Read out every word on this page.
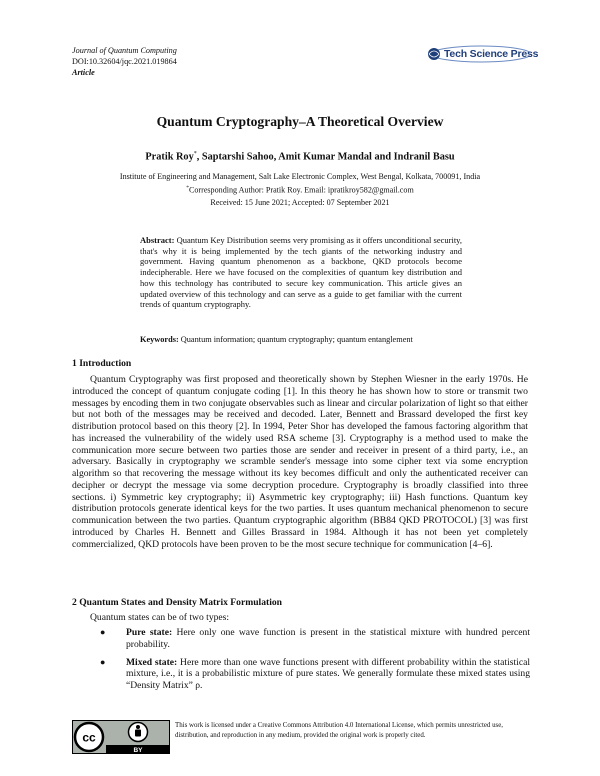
Journal of Quantum Computing
DOI:10.32604/jqc.2021.019864
Article
Tech Science Press
Quantum Cryptography–A Theoretical Overview
Pratik Roy*, Saptarshi Sahoo, Amit Kumar Mandal and Indranil Basu
Institute of Engineering and Management, Salt Lake Electronic Complex, West Bengal, Kolkata, 700091, India
*Corresponding Author: Pratik Roy. Email: ipratikroy582@gmail.com
Received: 15 June 2021; Accepted: 07 September 2021
Abstract: Quantum Key Distribution seems very promising as it offers unconditional security, that's why it is being implemented by the tech giants of the networking industry and government. Having quantum phenomenon as a backbone, QKD protocols become indecipherable. Here we have focused on the complexities of quantum key distribution and how this technology has contributed to secure key communication. This article gives an updated overview of this technology and can serve as a guide to get familiar with the current trends of quantum cryptography.
Keywords: Quantum information; quantum cryptography; quantum entanglement
1 Introduction

Quantum Cryptography was first proposed and theoretically shown by Stephen Wiesner in the early 1970s. He introduced the concept of quantum conjugate coding [1]. In this theory he has shown how to store or transmit two messages by encoding them in two conjugate observables such as linear and circular polarization of light so that either but not both of the messages may be received and decoded. Later, Bennett and Brassard developed the first key distribution protocol based on this theory [2]. In 1994, Peter Shor has developed the famous factoring algorithm that has increased the vulnerability of the widely used RSA scheme [3]. Cryptography is a method used to make the communication more secure between two parties those are sender and receiver in present of a third party, i.e., an adversary. Basically in cryptography we scramble sender's message into some cipher text via some encryption algorithm so that recovering the message without its key becomes difficult and only the authenticated receiver can decipher or decrypt the message via some decryption procedure. Cryptography is broadly classified into three sections. i) Symmetric key cryptography; ii) Asymmetric key cryptography; iii) Hash functions. Quantum key distribution protocols generate identical keys for the two parties. It uses quantum mechanical phenomenon to secure communication between the two parties. Quantum cryptographic algorithm (BB84 QKD PROTOCOL) [3] was first introduced by Charles H. Bennett and Gilles Brassard in 1984. Although it has not been yet completely commercialized, QKD protocols have been proven to be the most secure technique for communication [4–6].

2 Quantum States and Density Matrix Formulation
Quantum states can be of two types:
● Pure state: Here only one wave function is present in the statistical mixture with hundred percent probability.
● Mixed state: Here more than one wave functions present with different probability within the statistical mixture, i.e., it is a probabilistic mixture of pure states. We generally formulate these mixed states using “Density Matrix” ρ.
cc
BY
This work is licensed under a Creative Commons Attribution 4.0 International License, which permits unrestricted use, distribution, and reproduction in any medium, provided the original work is properly cited.
